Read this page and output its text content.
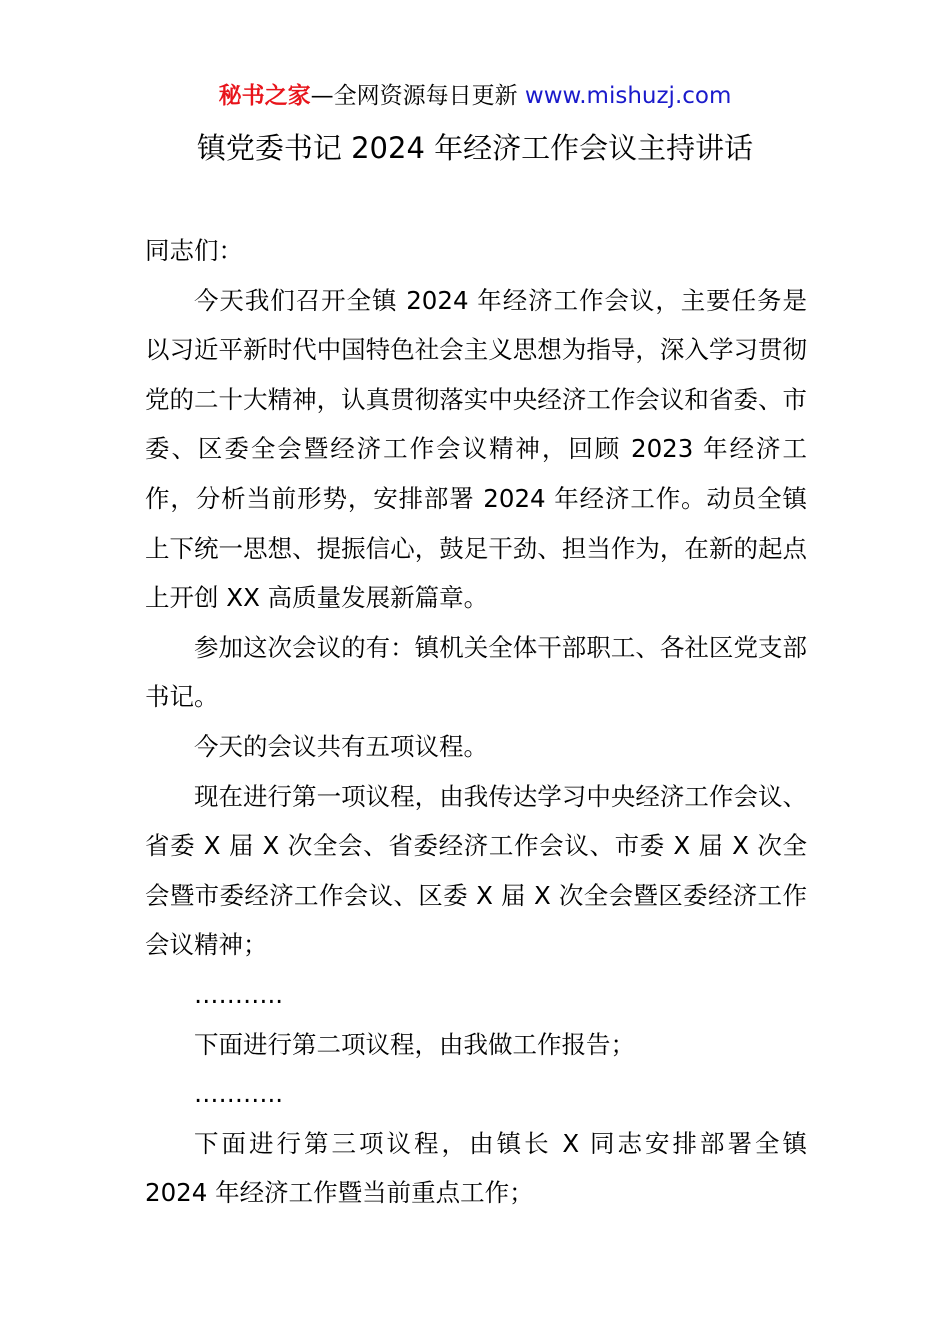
秘书之家—全网资源每日更新 www.mishuzj.com
镇党委书记 2024 年经济工作会议主持讲话

同志们：

今天我们召开全镇 2024 年经济工作会议，主要任务是以习近平新时代中国特色社会主义思想为指导，深入学习贯彻党的二十大精神，认真贯彻落实中央经济工作会议和省委、市委、区委全会暨经济工作会议精神，回顾 2023 年经济工作，分析当前形势，安排部署 2024 年经济工作。动员全镇上下统一思想、提振信心，鼓足干劲、担当作为，在新的起点上开创 XX 高质量发展新篇章。

参加这次会议的有：镇机关全体干部职工、各社区党支部书记。

今天的会议共有五项议程。

现在进行第一项议程，由我传达学习中央经济工作会议、省委 X 届 X 次全会、省委经济工作会议、市委 X 届 X 次全会暨市委经济工作会议、区委 X 届 X 次全会暨区委经济工作会议精神；

………..

下面进行第二项议程，由我做工作报告；

………..

下面进行第三项议程，由镇长 X 同志安排部署全镇 2024 年经济工作暨当前重点工作；
